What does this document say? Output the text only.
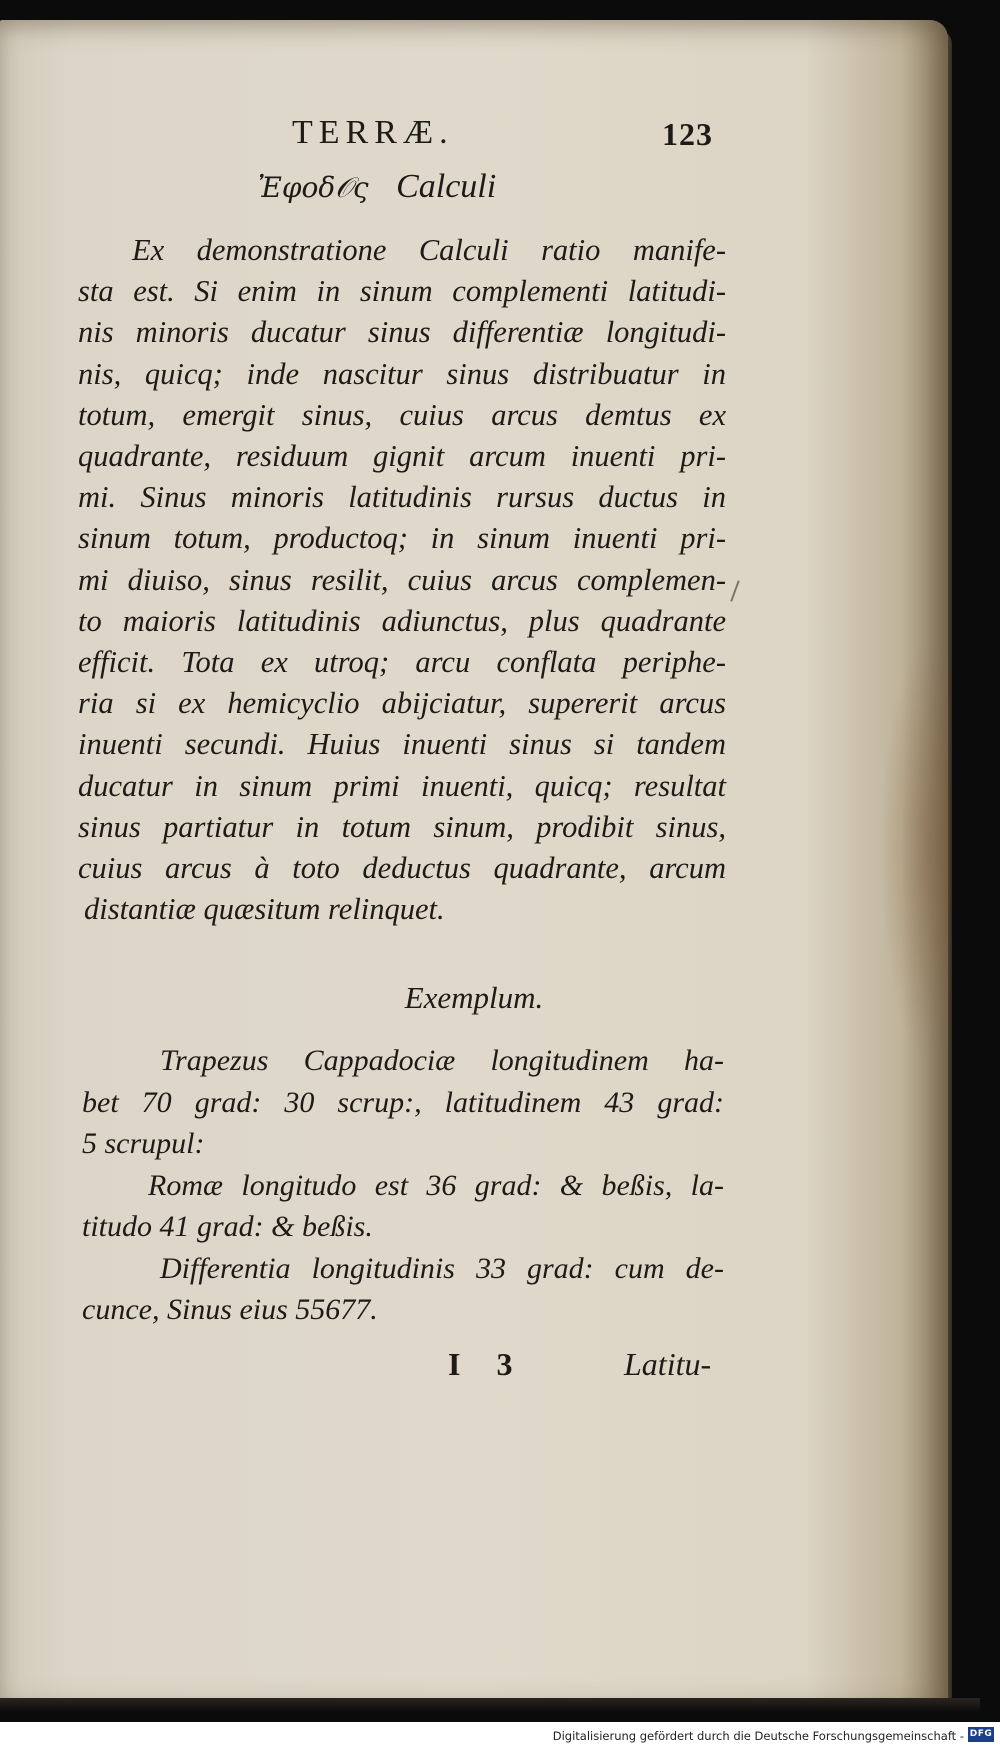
TERRÆ.	123
Ἐφοδ𝒪ς Calculi
Ex demonstratione Calculi ratio manife-
sta est. Si enim in sinum complementi latitudi-
nis minoris ducatur sinus differentiæ longitudi-
nis, quicq; inde nascitur sinus distribuatur in
totum, emergit sinus, cuius arcus demtus ex
quadrante, residuum gignit arcum inuenti pri-
mi. Sinus minoris latitudinis rursus ductus in
sinum totum, productoq; in sinum inuenti pri-
mi diuiso, sinus resilit, cuius arcus complemen-
to maioris latitudinis adiunctus, plus quadrante
efficit. Tota ex utroq; arcu conflata periphe-
ria si ex hemicyclio abijciatur, supererit arcus
inuenti secundi. Huius inuenti sinus si tandem
ducatur in sinum primi inuenti, quicq; resultat
sinus partiatur in totum sinum, prodibit sinus,
cuius arcus à toto deductus quadrante, arcum
distantiæ quæsitum relinquet.
Exemplum.
Trapezus Cappadociæ longitudinem ha-
bet 70 grad: 30 scrup:, latitudinem 43 grad:
5 scrupul:
Romæ longitudo est 36 grad: & beßis, la-
titudo 41 grad: & beßis.
Differentia longitudinis 33 grad: cum de-
cunce, Sinus eius 55677.
I 3	Latitu-
Digitalisierung gefördert durch die Deutsche Forschungsgemeinschaft - DFG
